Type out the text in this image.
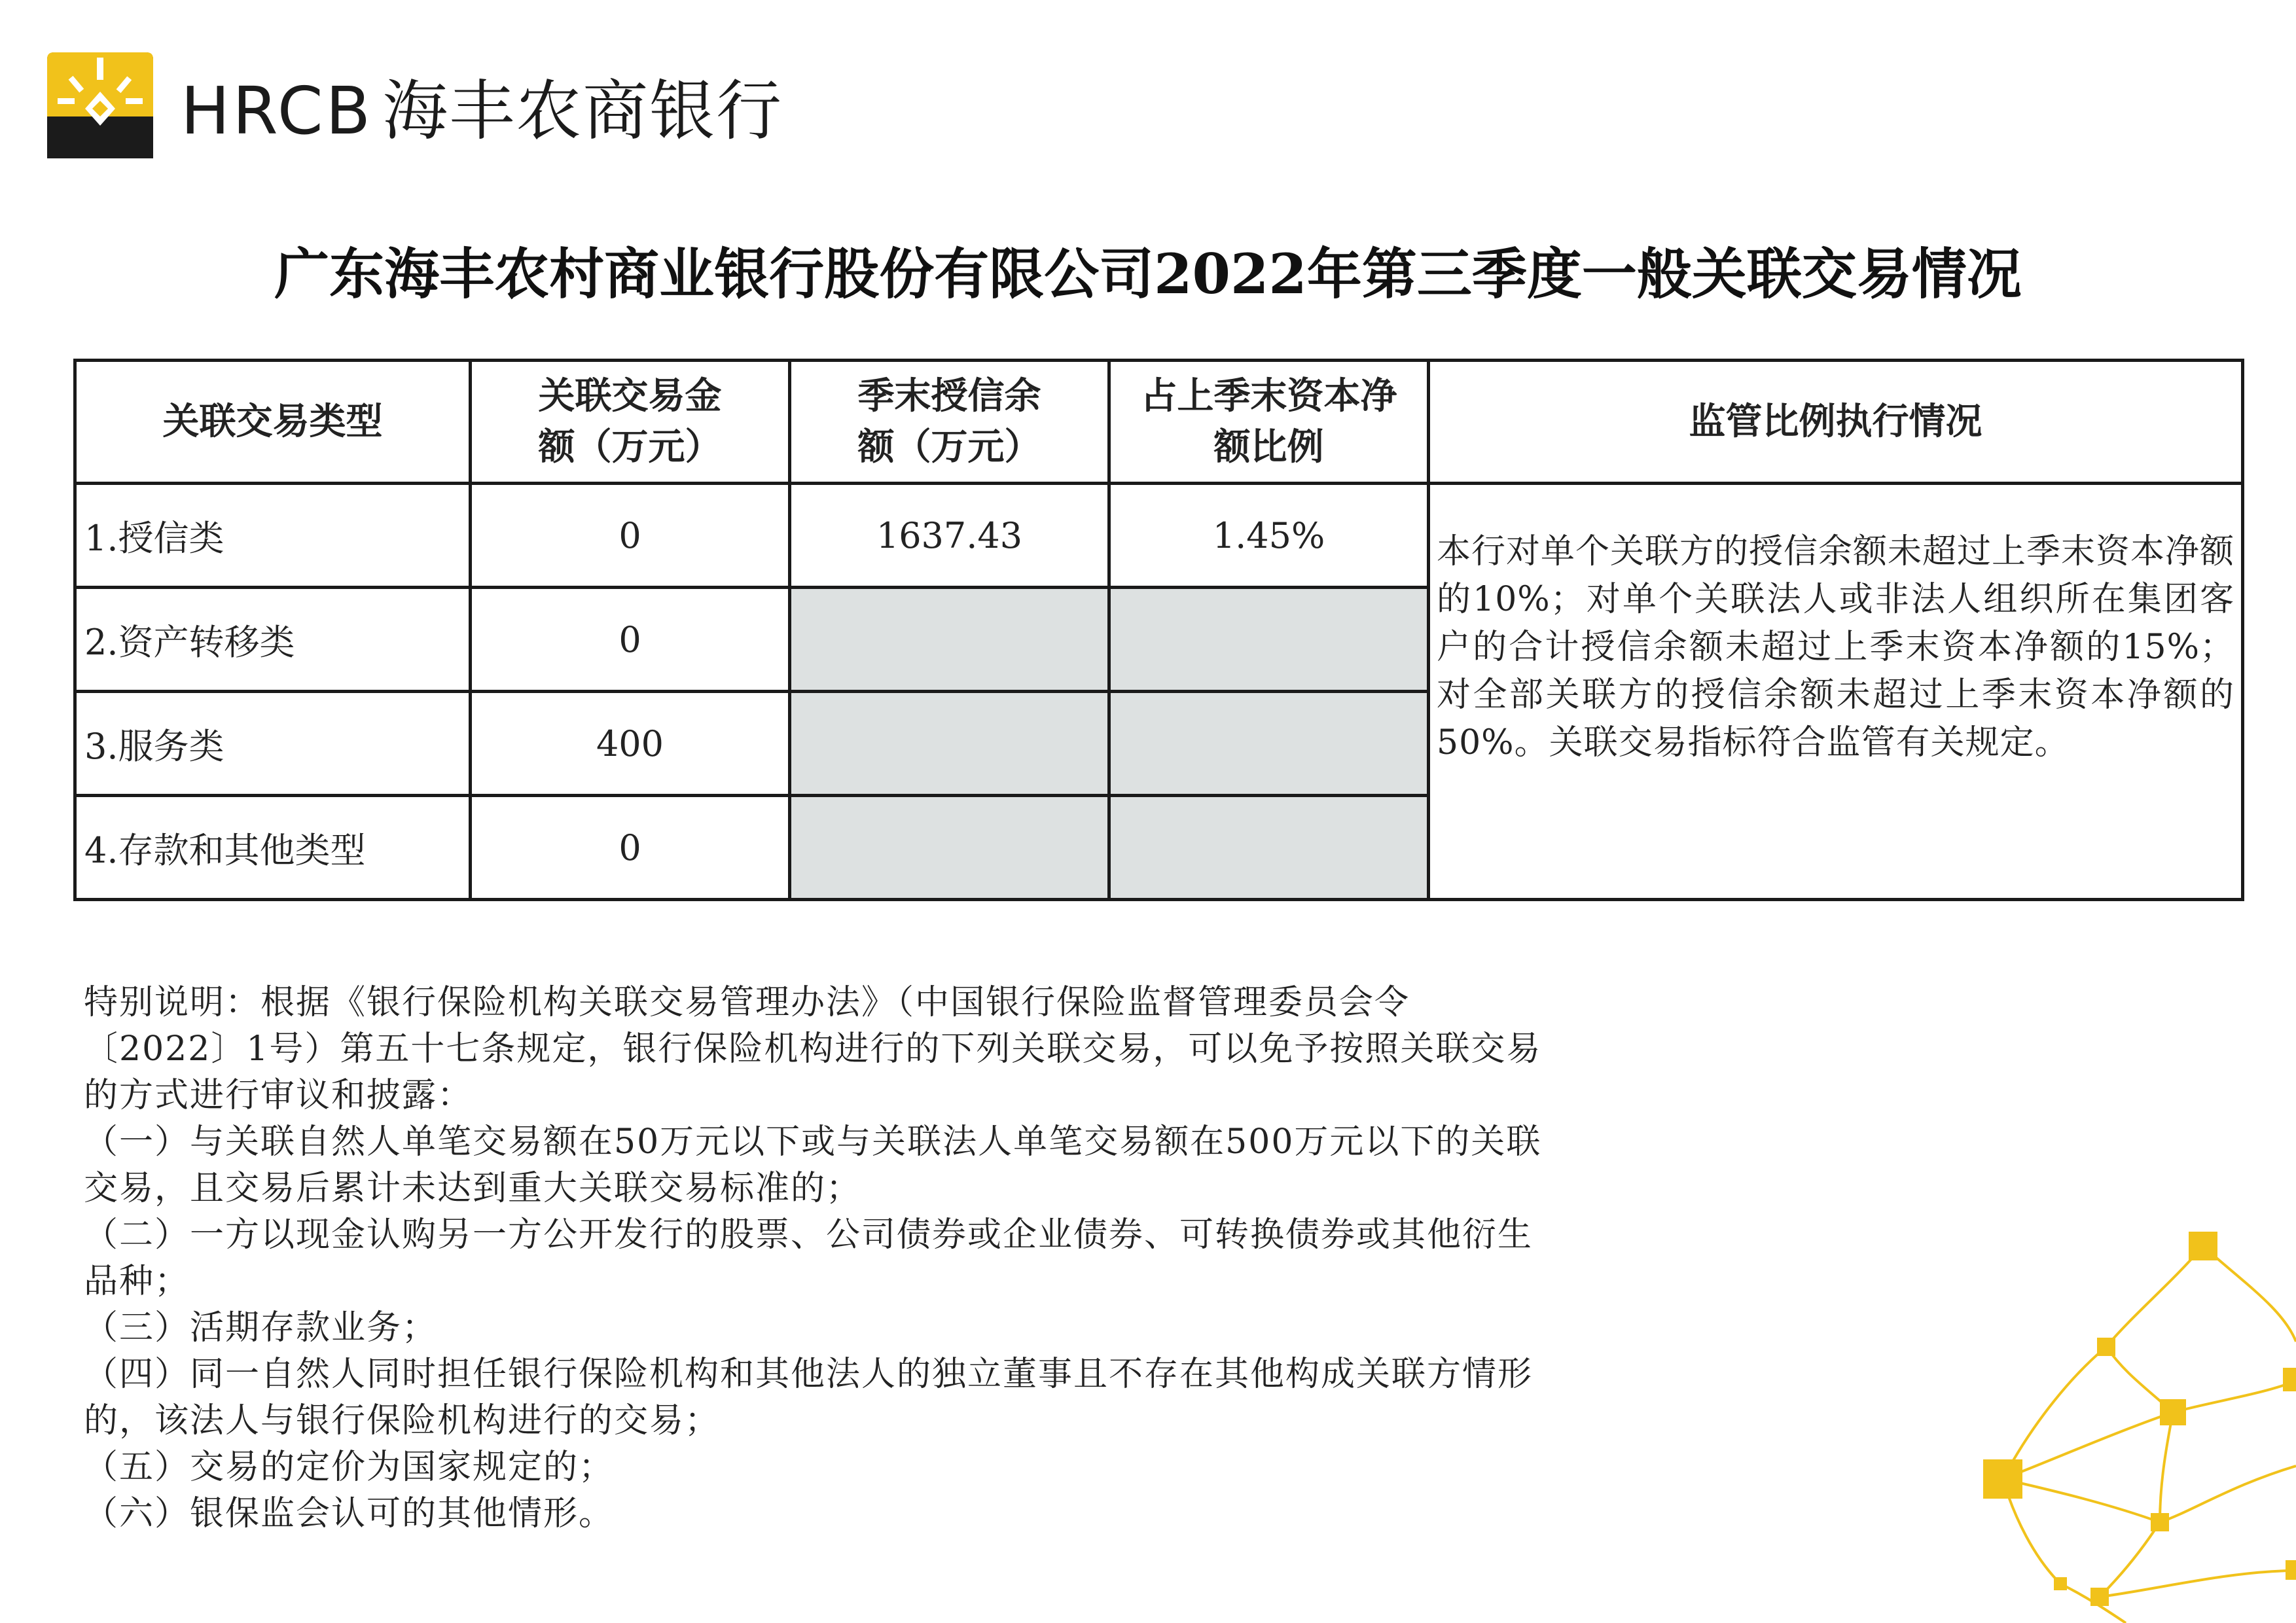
HRCB 海丰农商银行
广东海丰农村商业银行股份有限公司2022年第三季度一般关联交易情况
关联交易类型	关联交易金额（万元）	季末授信余额（万元）	占上季末资本净额比例	监管比例执行情况
1.授信类	0	1637.43	1.45%	本行对单个关联方的授信余额未超过上季末资本净额的10%；对单个关联法人或非法人组织所在集团客户的合计授信余额未超过上季末资本净额的15%；对全部关联方的授信余额未超过上季末资本净额的50%。关联交易指标符合监管有关规定。
2.资产转移类	0			
3.服务类	400			
4.存款和其他类型	0			

特别说明：根据《银行保险机构关联交易管理办法》（中国银行保险监督管理委员会令〔2022〕1号）第五十七条规定，银行保险机构进行的下列关联交易，可以免予按照关联交易的方式进行审议和披露：

（一）与关联自然人单笔交易额在50万元以下或与关联法人单笔交易额在500万元以下的关联交易，且交易后累计未达到重大关联交易标准的；

（二）一方以现金认购另一方公开发行的股票、公司债券或企业债券、可转换债券或其他衍生品种；

（三）活期存款业务；

（四）同一自然人同时担任银行保险机构和其他法人的独立董事且不存在其他构成关联方情形的，该法人与银行保险机构进行的交易；

（五）交易的定价为国家规定的；

（六）银保监会认可的其他情形。
